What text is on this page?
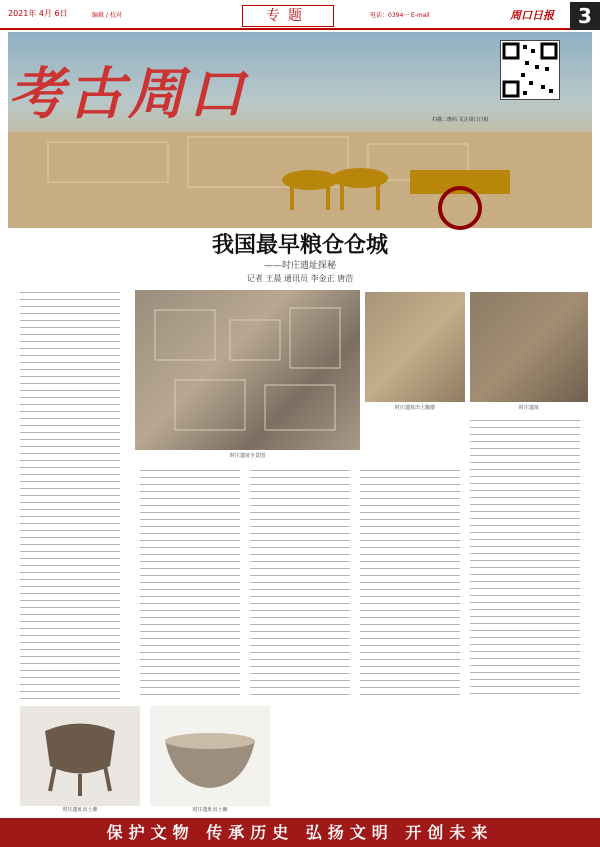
2021年 4月 6日	编辑 / 校对	专题	电话：0394··· E-mail	周口日报	3
考古周口	扫描二维码 关注周口日报
我国最早粮仓仓城
——时庄遗址探秘
记者 王晨 通讯员 李金正 唐浩
时庄遗址全景图
时庄遗址出土陶器	时庄遗址
时庄遗址出土鼎	时庄遗址出土碗
保护文物 传承历史 弘扬文明 开创未来
